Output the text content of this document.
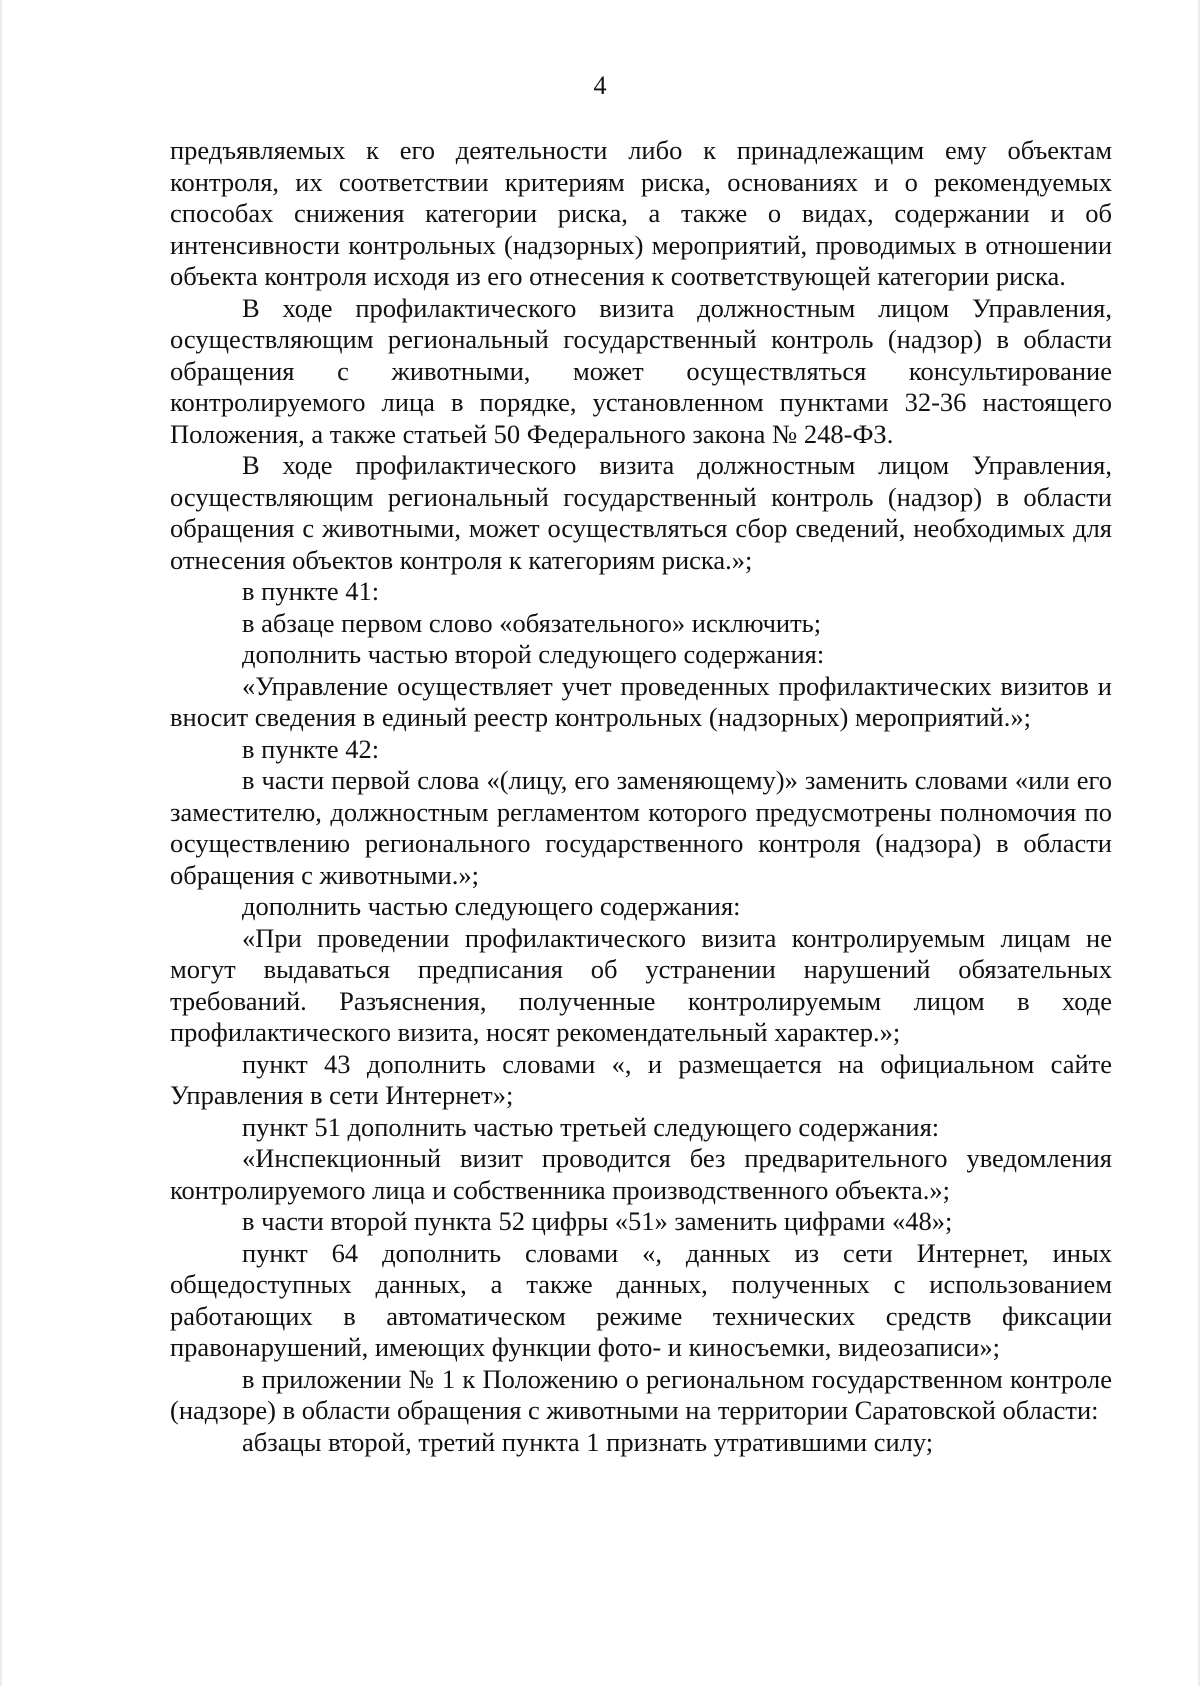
4

предъявляемых к его деятельности либо к принадлежащим ему объектам контроля, их соответствии критериям риска, основаниях и о рекомендуемых способах снижения категории риска, а также о видах, содержании и об интенсивности контрольных (надзорных) мероприятий, проводимых в отношении объекта контроля исходя из его отнесения к соответствующей категории риска.

В ходе профилактического визита должностным лицом Управления, осуществляющим региональный государственный контроль (надзор) в области обращения с животными, может осуществляться консультирование контролируемого лица в порядке, установленном пунктами 32-36 настоящего Положения, а также статьей 50 Федерального закона № 248-ФЗ.

В ходе профилактического визита должностным лицом Управления, осуществляющим региональный государственный контроль (надзор) в области обращения с животными, может осуществляться сбор сведений, необходимых для отнесения объектов контроля к категориям риска.»;

в пункте 41:

в абзаце первом слово «обязательного» исключить;

дополнить частью второй следующего содержания:

«Управление осуществляет учет проведенных профилактических визитов и вносит сведения в единый реестр контрольных (надзорных) мероприятий.»;

в пункте 42:

в части первой слова «(лицу, его заменяющему)» заменить словами «или его заместителю, должностным регламентом которого предусмотрены полномочия по осуществлению регионального государственного контроля (надзора) в области обращения с животными.»;

дополнить частью следующего содержания:

«При проведении профилактического визита контролируемым лицам не могут выдаваться предписания об устранении нарушений обязательных требований. Разъяснения, полученные контролируемым лицом в ходе профилактического визита, носят рекомендательный характер.»;

пункт 43 дополнить словами «, и размещается на официальном сайте Управления в сети Интернет»;

пункт 51 дополнить частью третьей следующего содержания:

«Инспекционный визит проводится без предварительного уведомления контролируемого лица и собственника производственного объекта.»;

в части второй пункта 52 цифры «51» заменить цифрами «48»;

пункт 64 дополнить словами «, данных из сети Интернет, иных общедоступных данных, а также данных, полученных с использованием работающих в автоматическом режиме технических средств фиксации правонарушений, имеющих функции фото- и киносъемки, видеозаписи»;

в приложении № 1 к Положению о региональном государственном контроле (надзоре) в области обращения с животными на территории Саратовской области:

абзацы второй, третий пункта 1 признать утратившими силу;
